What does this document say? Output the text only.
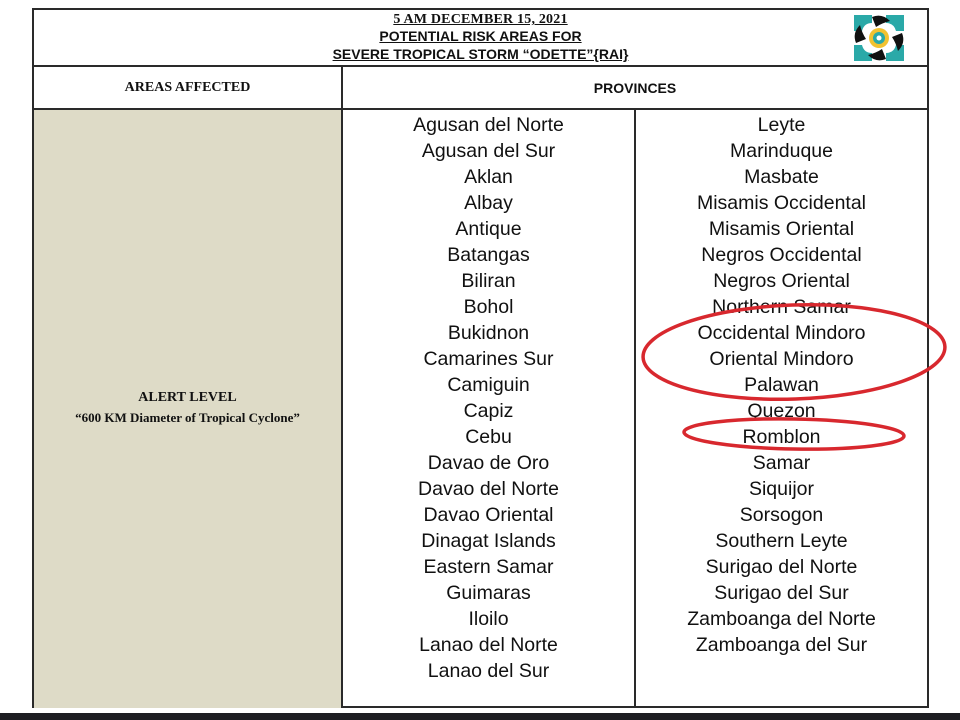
5 AM DECEMBER 15, 2021
POTENTIAL RISK AREAS FOR
SEVERE TROPICAL STORM “ODETTE”{RAI}
AREAS AFFECTED	PROVINCES
ALERT LEVEL
“600 KM Diameter of Tropical Cyclone”
Agusan del Norte
Agusan del Sur
Aklan
Albay
Antique
Batangas
Biliran
Bohol
Bukidnon
Camarines Sur
Camiguin
Capiz
Cebu
Davao de Oro
Davao del Norte
Davao Oriental
Dinagat Islands
Eastern Samar
Guimaras
Iloilo
Lanao del Norte
Lanao del Sur
Leyte
Marinduque
Masbate
Misamis Occidental
Misamis Oriental
Negros Occidental
Negros Oriental
Northern Samar
Occidental Mindoro
Oriental Mindoro
Palawan
Quezon
Romblon
Samar
Siquijor
Sorsogon
Southern Leyte
Surigao del Norte
Surigao del Sur
Zamboanga del Norte
Zamboanga del Sur
